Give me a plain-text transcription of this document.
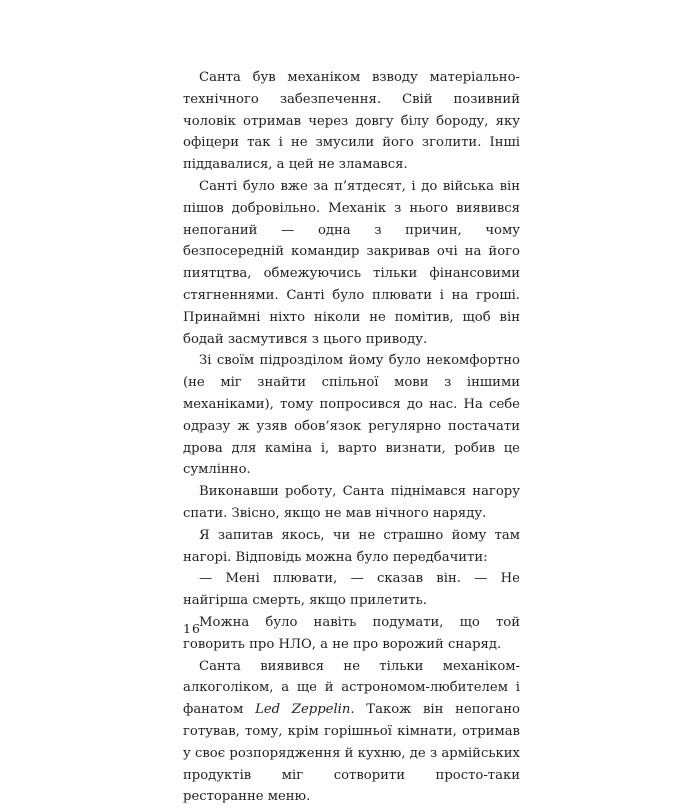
Санта був механіком взводу матеріально-технічного забезпечення. Свій позивний чоловік отримав через довгу білу бороду, яку офіцери так і не змусили його зголити. Інші піддавалися, а цей не зламався.

Санті було вже за п’ятдесят, і до війська він пішов добровільно. Механік з нього виявився непоганий — одна з причин, чому безпосередній командир закривав очі на його пиятцтва, обмежуючись тільки фінансовими стягненнями. Санті було плювати і на гроші. Принаймні ніхто ніколи не помітив, щоб він бодай засмутився з цього приводу.

Зі своїм підрозділом йому було некомфортно (не міг знайти спільної мови з іншими механіками), тому попросився до нас. На себе одразу ж узяв обов’язок регулярно постачати дрова для каміна і, варто визнати, робив це сумлінно.

Виконавши роботу, Санта піднімався нагору спати. Звісно, якщо не мав нічного наряду.

Я запитав якось, чи не страшно йому там нагорі. Відповідь можна було передбачити:

— Мені плювати, — сказав він. — Не найгірша смерть, якщо прилетить.

Можна було навіть подумати, що той говорить про НЛО, а не про ворожий снаряд.

Санта виявився не тільки механіком-алкоголіком, а ще й астрономом-любителем і фанатом Led Zeppelin. Також він непогано готував, тому, крім горішньої кімнати, отримав у своє розпорядження й кухню, де з армійських продуктів міг сотворити просто-таки ресторанне меню.

16
